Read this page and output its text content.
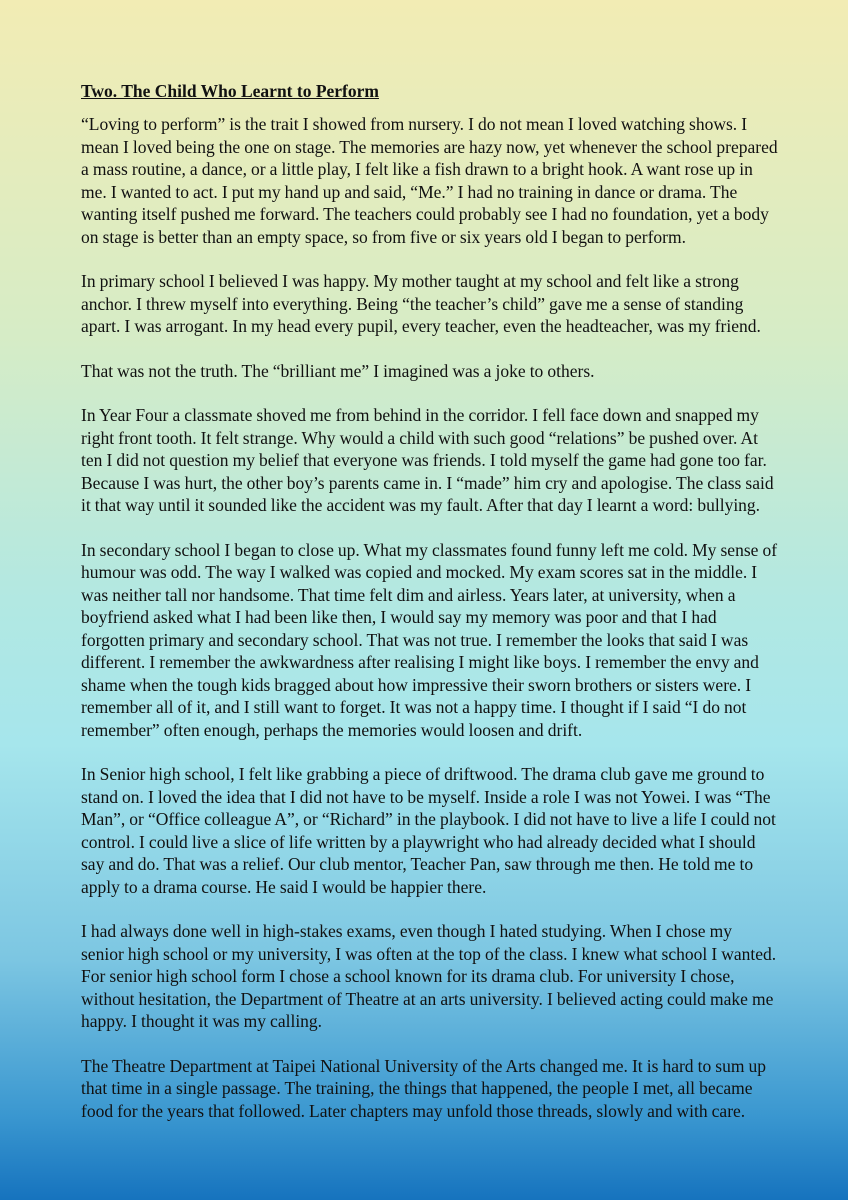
Two. The Child Who Learnt to Perform

“Loving to perform” is the trait I showed from nursery. I do not mean I loved watching shows. I mean I loved being the one on stage. The memories are hazy now, yet whenever the school prepared a mass routine, a dance, or a little play, I felt like a fish drawn to a bright hook. A want rose up in me. I wanted to act. I put my hand up and said, “Me.” I had no training in dance or drama. The wanting itself pushed me forward. The teachers could probably see I had no foundation, yet a body on stage is better than an empty space, so from five or six years old I began to perform.

In primary school I believed I was happy. My mother taught at my school and felt like a strong anchor. I threw myself into everything. Being “the teacher’s child” gave me a sense of standing apart. I was arrogant. In my head every pupil, every teacher, even the headteacher, was my friend.

That was not the truth. The “brilliant me” I imagined was a joke to others.

In Year Four a classmate shoved me from behind in the corridor. I fell face down and snapped my right front tooth. It felt strange. Why would a child with such good “relations” be pushed over. At ten I did not question my belief that everyone was friends. I told myself the game had gone too far. Because I was hurt, the other boy’s parents came in. I “made” him cry and apologise. The class said it that way until it sounded like the accident was my fault. After that day I learnt a word: bullying.

In secondary school I began to close up. What my classmates found funny left me cold. My sense of humour was odd. The way I walked was copied and mocked. My exam scores sat in the middle. I was neither tall nor handsome. That time felt dim and airless. Years later, at university, when a boyfriend asked what I had been like then, I would say my memory was poor and that I had forgotten primary and secondary school. That was not true. I remember the looks that said I was different. I remember the awkwardness after realising I might like boys. I remember the envy and shame when the tough kids bragged about how impressive their sworn brothers or sisters were. I remember all of it, and I still want to forget. It was not a happy time. I thought if I said “I do not remember” often enough, perhaps the memories would loosen and drift.

In Senior high school, I felt like grabbing a piece of driftwood. The drama club gave me ground to stand on. I loved the idea that I did not have to be myself. Inside a role I was not Yowei. I was “The Man”, or “Office colleague A”, or “Richard” in the playbook. I did not have to live a life I could not control. I could live a slice of life written by a playwright who had already decided what I should say and do. That was a relief. Our club mentor, Teacher Pan, saw through me then. He told me to apply to a drama course. He said I would be happier there.

I had always done well in high-stakes exams, even though I hated studying. When I chose my senior high school or my university, I was often at the top of the class. I knew what school I wanted. For senior high school form I chose a school known for its drama club. For university I chose, without hesitation, the Department of Theatre at an arts university. I believed acting could make me happy. I thought it was my calling.

The Theatre Department at Taipei National University of the Arts changed me. It is hard to sum up that time in a single passage. The training, the things that happened, the people I met, all became food for the years that followed. Later chapters may unfold those threads, slowly and with care.
